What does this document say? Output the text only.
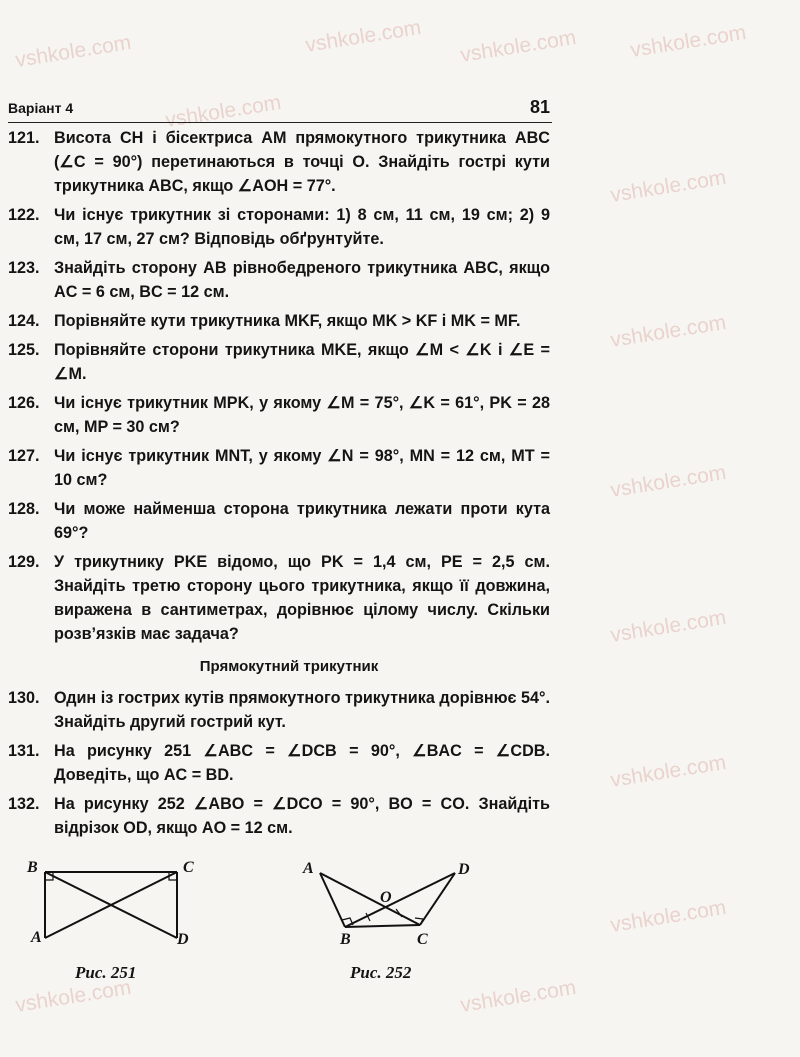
vshkole.com	vshkole.com vshkole.com vshkole.com
vshkole.com
vshkole.com
vshkole.com
vshkole.com
vshkole.com
vshkole.com
vshkole.com
vshkole.com
vshkole.com
Варіант 4	81
121. Висота CH і бісектриса AM прямокутного трикутника ABC (∠C = 90°) перетинаються в точці O. Знайдіть гострі кути трикутника ABC, якщо ∠AOH = 77°.
122. Чи існує трикутник зі сторонами: 1) 8 см, 11 см, 19 см; 2) 9 см, 17 см, 27 см? Відповідь обґрунтуйте.
123. Знайдіть сторону AB рівнобедреного трикутника ABC, якщо AC = 6 см, BC = 12 см.
124. Порівняйте кути трикутника MKF, якщо MK > KF і MK = MF.
125. Порівняйте сторони трикутника MKE, якщо ∠M < ∠K і ∠E = ∠M.
126. Чи існує трикутник MPK, у якому ∠M = 75°, ∠K = 61°, PK = 28 см, MP = 30 см?
127. Чи існує трикутник MNT, у якому ∠N = 98°, MN = 12 см, MT = 10 см?
128. Чи може найменша сторона трикутника лежати проти кута 69°?
129. У трикутнику PKE відомо, що PK = 1,4 см, PE = 2,5 см. Знайдіть третю сторону цього трикутника, якщо її довжина, виражена в сантиметрах, дорівнює цілому числу. Скільки розв’язків має задача?
Прямокутний трикутник
130. Один із гострих кутів прямокутного трикутника дорівнює 54°. Знайдіть другий гострий кут.
131. На рисунку 251 ∠ABC = ∠DCB = 90°, ∠BAC = ∠CDB. Доведіть, що AC = BD.
132. На рисунку 252 ∠ABO = ∠DCO = 90°, BO = CO. Знайдіть відрізок OD, якщо AO = 12 см.
B	C
A	D
Рис. 251
A	D
O
B	C
Рис. 252
